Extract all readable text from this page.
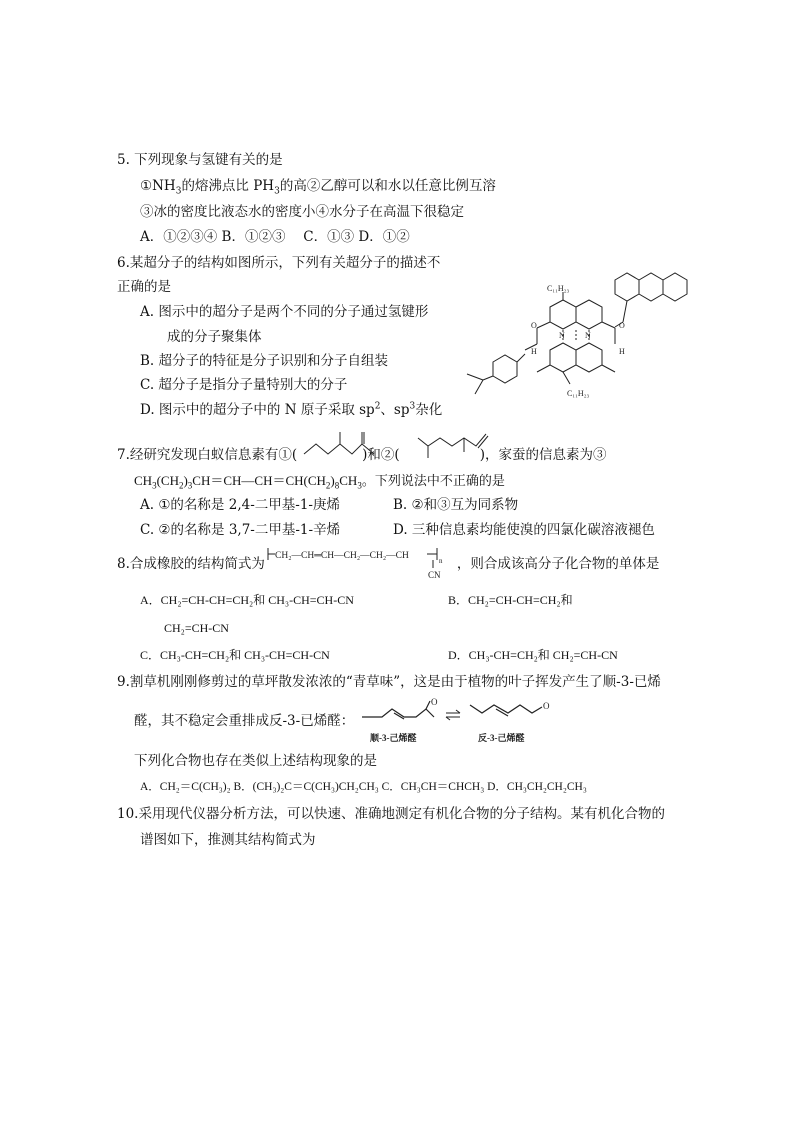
5. 下列现象与氢键有关的是
$①NH_3$的熔沸点比 $PH_3$的高②乙醇可以和水以任意比例互溶
③冰的密度比液态水的密度小④水分子在高温下很稳定
A．①②③④ B．①②③　 C．①③ D．①②
6.某超分子的结构如图所示，下列有关超分子的描述不
正确的是
A. 图示中的超分子是两个不同的分子通过氢键形
成的分子聚集体
B. 超分子的特征是分子识别和分子自组装
C. 超分子是指分子量特别大的分子
D. 图示中的超分子中的 N 原子采取 $sp^2$、$sp^3$杂化
C₁₁H₂₃
C₁₁H₂₃
O	O
H	H
N	N
7.经研究发现白蚁信息素有①(	)和②(	)，家蚕的信息素为③
$CH_3(CH_2)_3CH=CH—CH=CH(CH_2)_8CH_3$。下列说法中不正确的是
A. ①的名称是 2,4-二甲基-1-庚烯	B. ②和③互为同系物
C. ②的名称是 3,7-二甲基-1-辛烯	D. 三种信息素均能使溴的四氯化碳溶液褪色
8.合成橡胶的结构简式为	，则合成该高分子化合物的单体是
CH₂—CH═CH—CH₂—CH₂—CH	n
CN
A．CH₂=CH-CH=CH₂和 CH₃-CH=CH-CN	B．CH₂=CH-CH=CH₂和
CH₂=CH-CN
C．CH₃-CH=CH₂和 CH₃-CH=CH-CN	D．CH₃-CH=CH₂和 CH₂=CH-CN
9.割草机刚刚修剪过的草坪散发浓浓的“青草味”，这是由于植物的叶子挥发产生了顺-3-已烯
醛，其不稳定会重排成反-3-已烯醛：
O	O
顺-3-己烯醛	反-3-己烯醛
下列化合物也存在类似上述结构现象的是
A．CH₂＝C(CH₃)₂ B．(CH₃)₂C＝C(CH₃)CH₂CH₃ C．CH₃CH＝CHCH₃ D．CH₃CH₂CH₂CH₃
10.采用现代仪器分析方法，可以快速、准确地测定有机化合物的分子结构。某有机化合物的
谱图如下，推测其结构简式为
